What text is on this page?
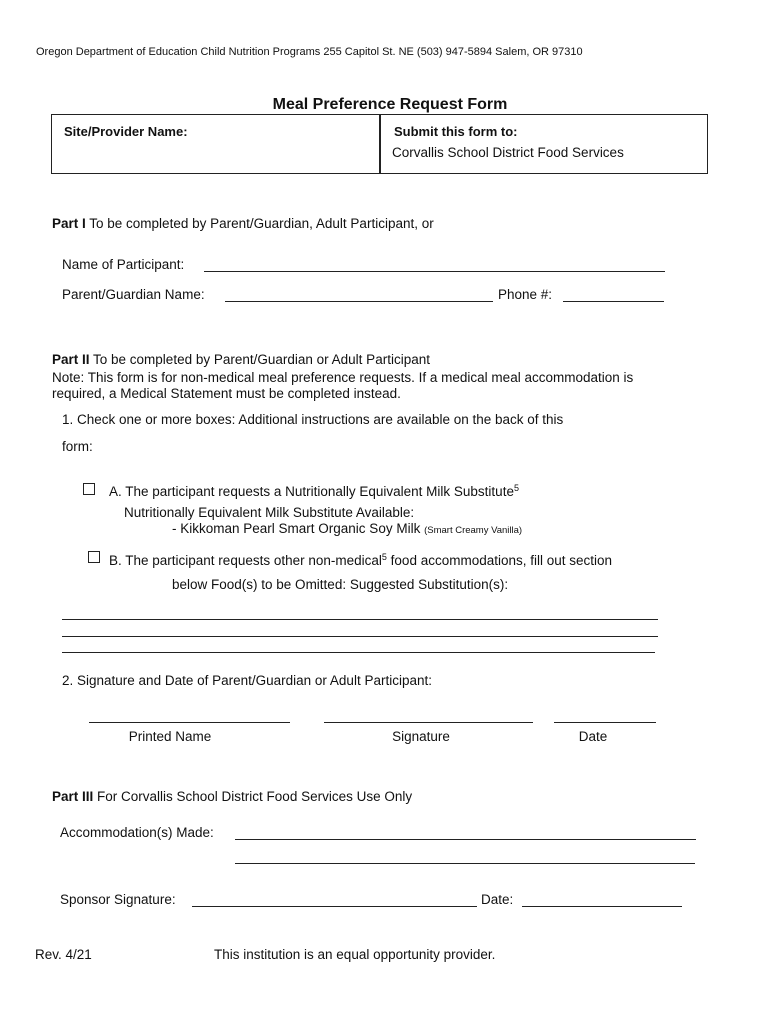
Oregon Department of Education Child Nutrition Programs 255 Capitol St. NE (503) 947-5894 Salem, OR 97310
Meal Preference Request Form
Site/Provider Name:	Submit this form to:
Corvallis School District Food Services
Part I To be completed by Parent/Guardian, Adult Participant, or
Name of Participant:
Parent/Guardian Name:	Phone #:
Part II To be completed by Parent/Guardian or Adult Participant
Note: This form is for non-medical meal preference requests. If a medical meal accommodation is
required, a Medical Statement must be completed instead.
1. Check one or more boxes: Additional instructions are available on the back of this
form:
A. The participant requests a Nutritionally Equivalent Milk Substitute$^5$
Nutritionally Equivalent Milk Substitute Available:
- Kikkoman Pearl Smart Organic Soy Milk (Smart Creamy Vanilla)
B. The participant requests other non-medical$^5$ food accommodations, fill out section
below Food(s) to be Omitted: Suggested Substitution(s):
2. Signature and Date of Parent/Guardian or Adult Participant:
Printed Name	Signature	Date
Part III For Corvallis School District Food Services Use Only
Accommodation(s) Made:
Sponsor Signature:	Date:
Rev. 4/21	This institution is an equal opportunity provider.
